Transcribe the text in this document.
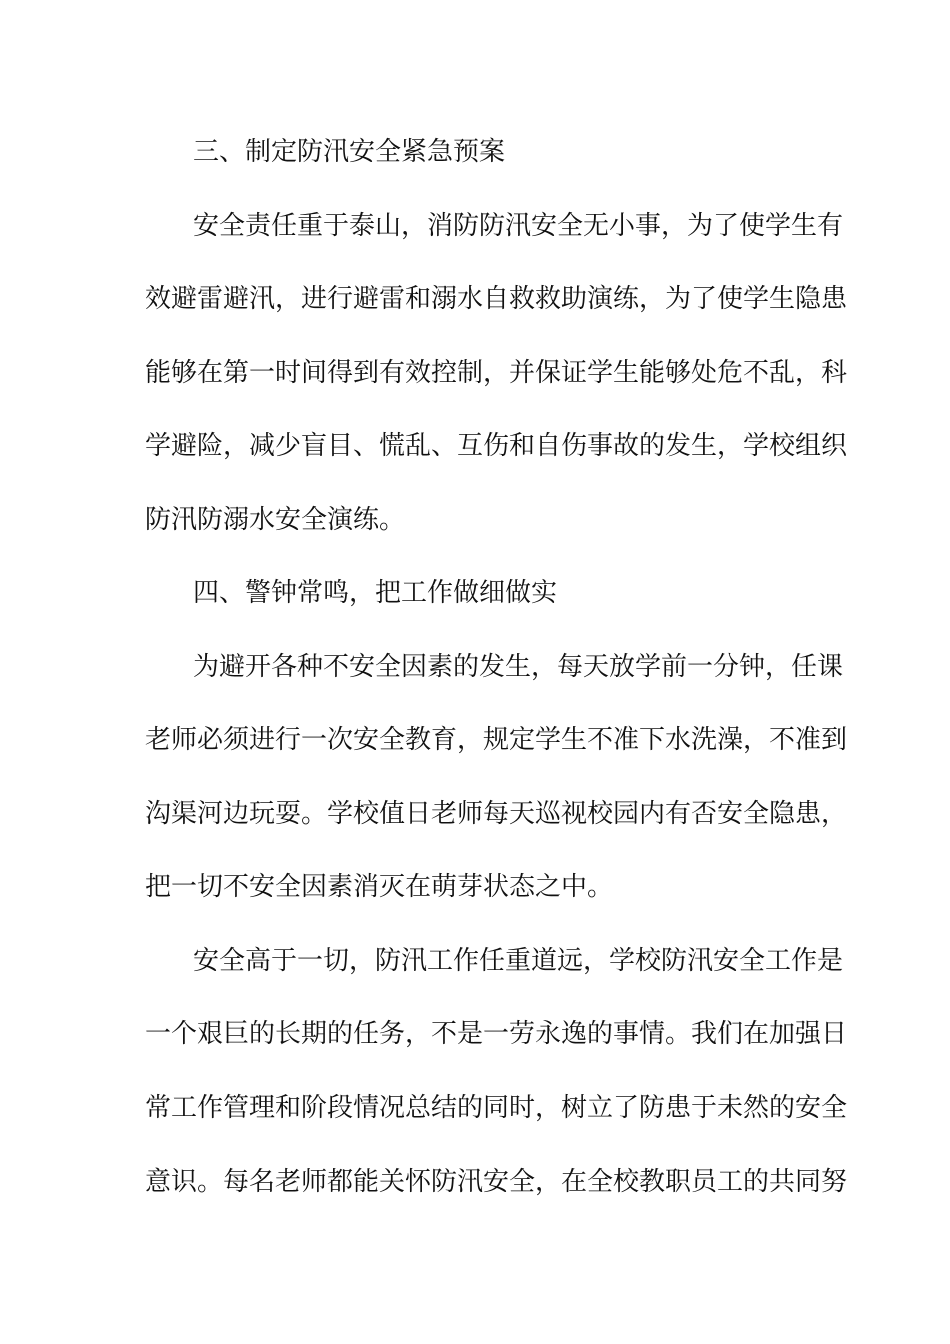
三、制定防汛安全紧急预案

安全责任重于泰山，消防防汛安全无小事，为了使学生有

效避雷避汛，进行避雷和溺水自救救助演练，为了使学生隐患

能够在第一时间得到有效控制，并保证学生能够处危不乱，科

学避险，减少盲目、慌乱、互伤和自伤事故的发生，学校组织

防汛防溺水安全演练。

四、警钟常鸣，把工作做细做实

为避开各种不安全因素的发生，每天放学前一分钟，任课

老师必须进行一次安全教育，规定学生不准下水洗澡，不准到

沟渠河边玩耍。学校值日老师每天巡视校园内有否安全隐患，

把一切不安全因素消灭在萌芽状态之中。

安全高于一切，防汛工作任重道远，学校防汛安全工作是

一个艰巨的长期的任务，不是一劳永逸的事情。我们在加强日

常工作管理和阶段情况总结的同时，树立了防患于未然的安全

意识。每名老师都能关怀防汛安全，在全校教职员工的共同努
